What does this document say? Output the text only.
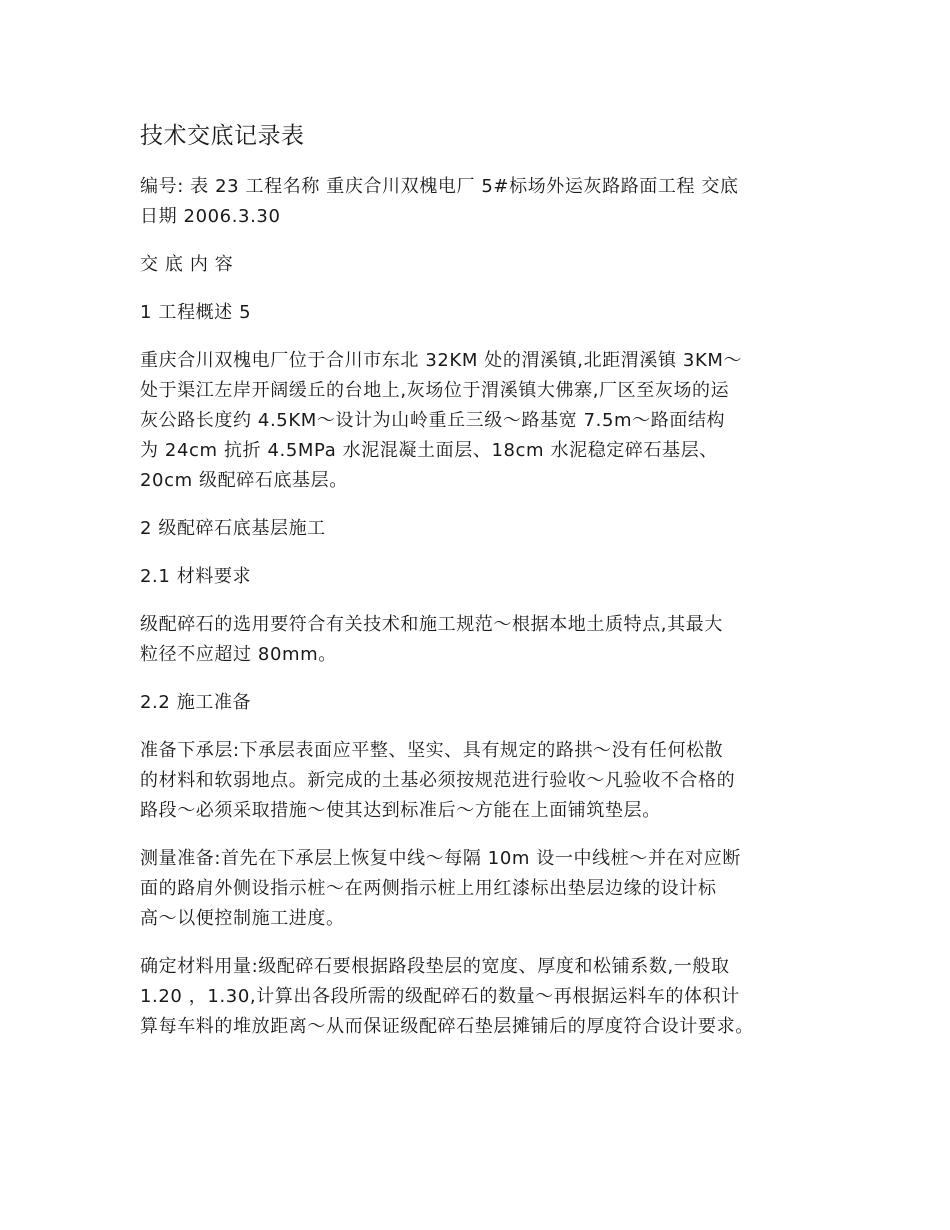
技术交底记录表

编号: 表 23 工程名称 重庆合川双槐电厂 5#标场外运灰路路面工程 交底
日期 2006.3.30

交 底 内 容

1 工程概述 5

重庆合川双槐电厂位于合川市东北 32KM 处的渭溪镇,北距渭溪镇 3KM～
处于渠江左岸开阔缓丘的台地上,灰场位于渭溪镇大佛寨,厂区至灰场的运
灰公路长度约 4.5KM～设计为山岭重丘三级～路基宽 7.5m～路面结构
为 24cm 抗折 4.5MPa 水泥混凝土面层、18cm 水泥稳定碎石基层、
20cm 级配碎石底基层。

2 级配碎石底基层施工

2.1 材料要求

级配碎石的选用要符合有关技术和施工规范～根据本地土质特点,其最大
粒径不应超过 80mm。

2.2 施工准备

准备下承层:下承层表面应平整、坚实、具有规定的路拱～没有任何松散
的材料和软弱地点。新完成的土基必须按规范进行验收～凡验收不合格的
路段～必须采取措施～使其达到标准后～方能在上面铺筑垫层。

测量准备:首先在下承层上恢复中线～每隔 10m 设一中线桩～并在对应断
面的路肩外侧设指示桩～在两侧指示桩上用红漆标出垫层边缘的设计标
高～以便控制施工进度。

确定材料用量:级配碎石要根据路段垫层的宽度、厚度和松铺系数,一般取
1.20 ，1.30,计算出各段所需的级配碎石的数量～再根据运料车的体积计
算每车料的堆放距离～从而保证级配碎石垫层摊铺后的厚度符合设计要求。
